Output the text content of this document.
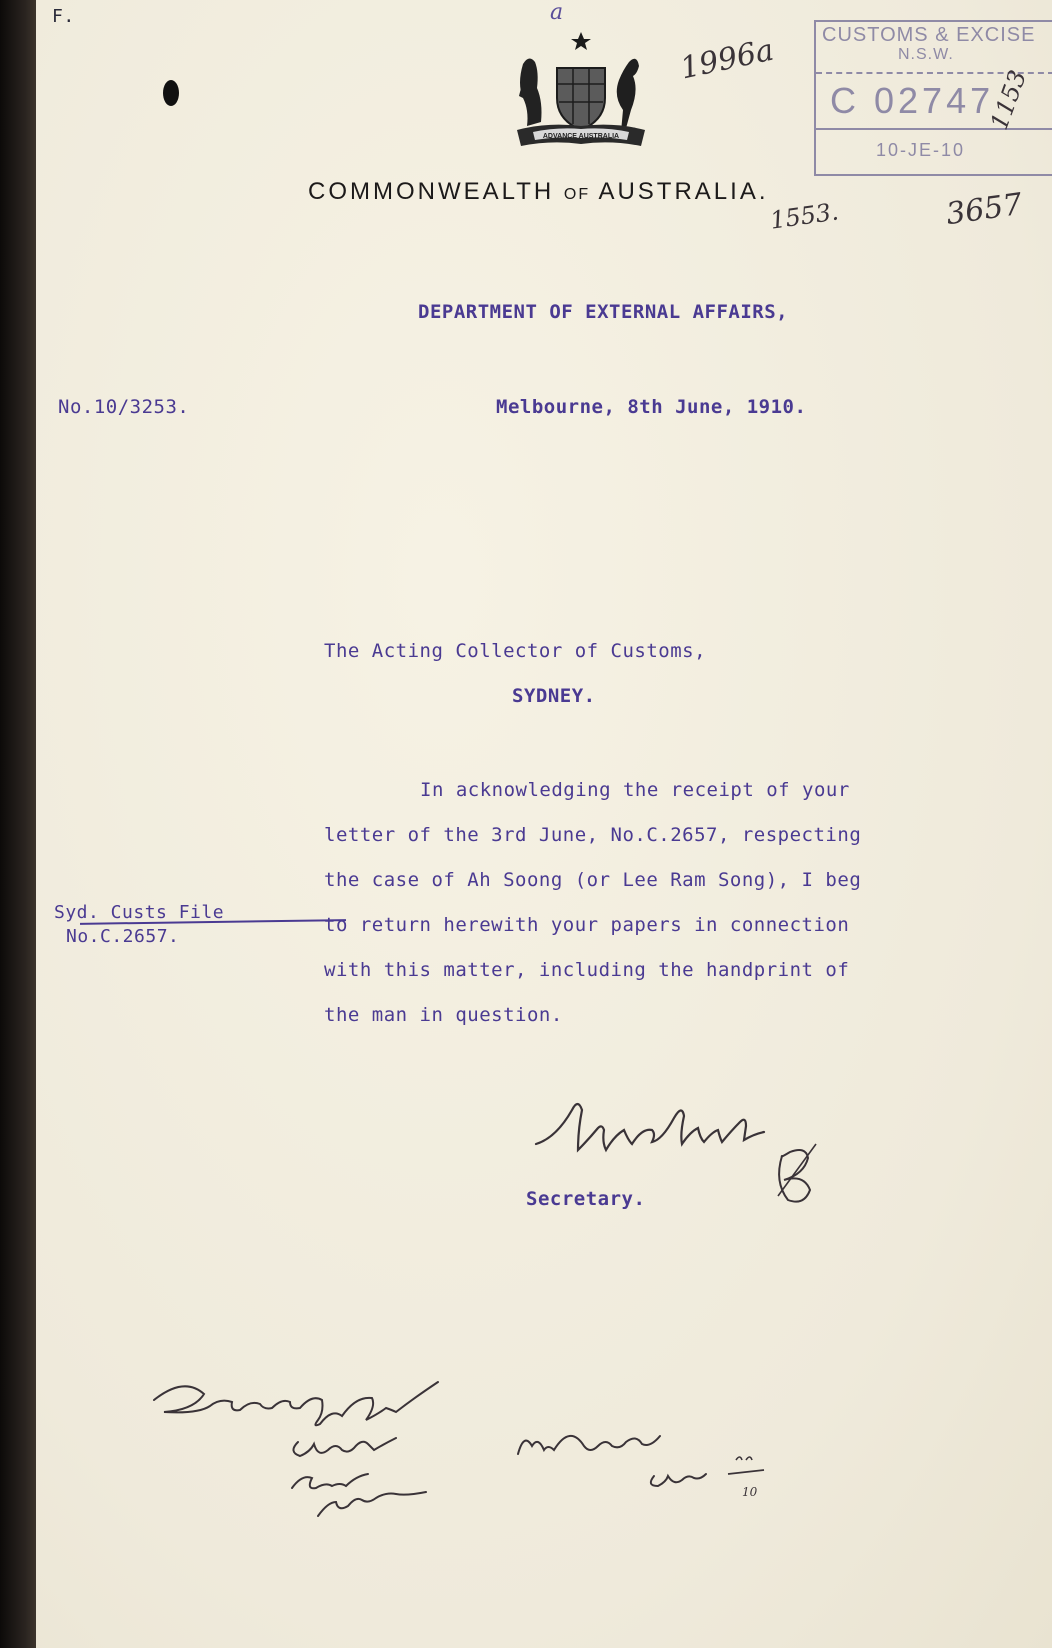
F.	a

ADVANCE AUSTRALIA

CUSTOMS & EXCISE

N.S.W.

C 02747

10-JE-10

1996a

1153

COMMONWEALTH OF AUSTRALIA.

1553.	3657

DEPARTMENT OF EXTERNAL AFFAIRS,

No.10/3253.	Melbourne, 8th June, 1910.

The Acting Collector of Customs,

SYDNEY.

In acknowledging the receipt of your

letter of the 3rd June, No.C.2657, respecting

the case of Ah Soong (or Lee Ram Song), I beg

to return herewith your papers in connection

with this matter, including the handprint of

the man in question.

Syd. Custs File

No.C.2657.

Secretary.

10
